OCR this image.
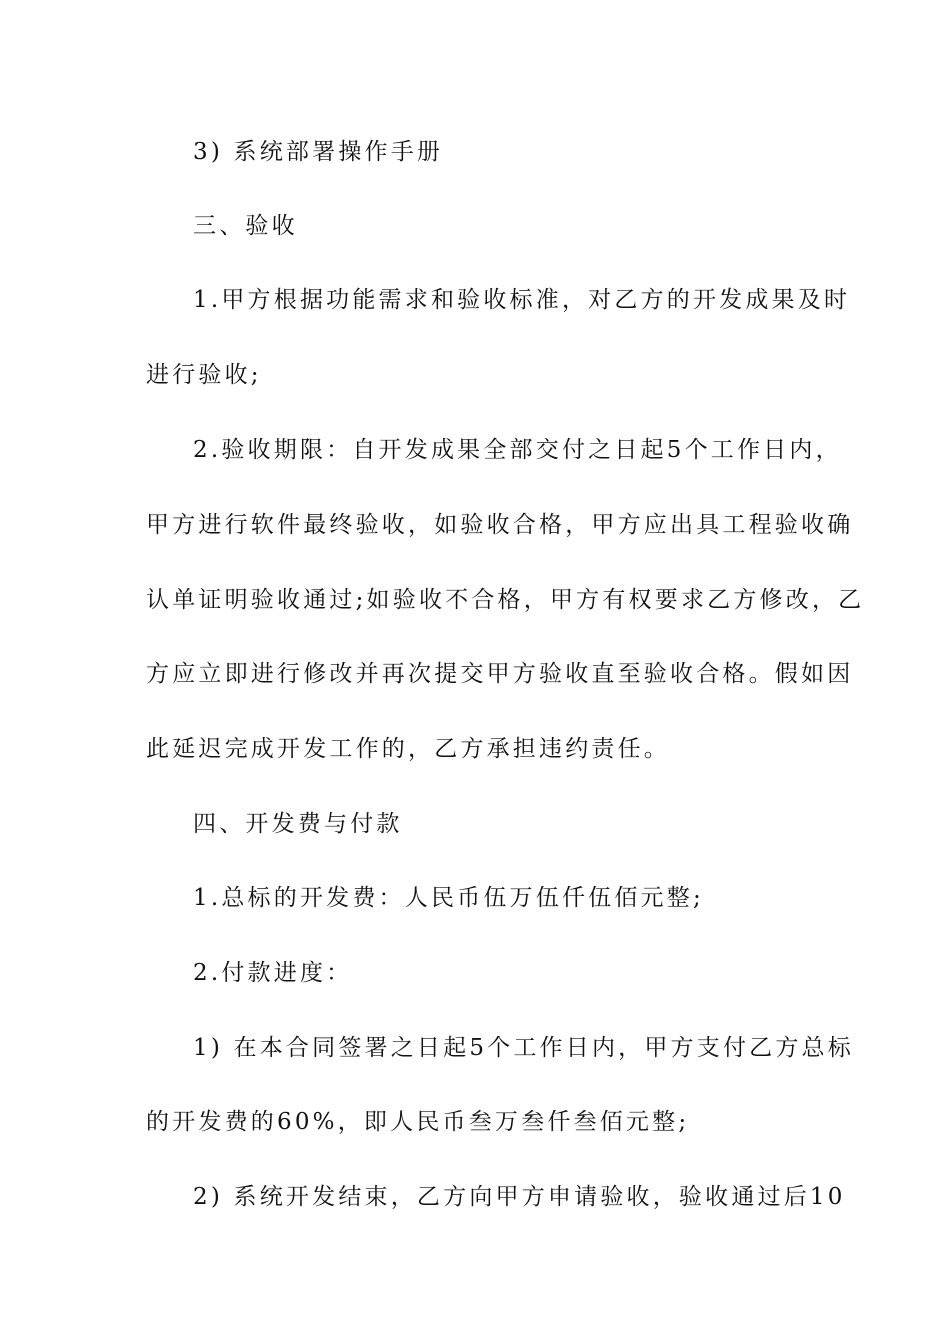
3) 系统部署操作手册
三、验收
1.甲方根据功能需求和验收标准，对乙方的开发成果及时
进行验收;
2.验收期限：自开发成果全部交付之日起5个工作日内，
甲方进行软件最终验收，如验收合格，甲方应出具工程验收确
认单证明验收通过;如验收不合格，甲方有权要求乙方修改，乙
方应立即进行修改并再次提交甲方验收直至验收合格。假如因
此延迟完成开发工作的，乙方承担违约责任。
四、开发费与付款
1.总标的开发费：人民币伍万伍仟伍佰元整;
2.付款进度：
1) 在本合同签署之日起5个工作日内，甲方支付乙方总标
的开发费的60%，即人民币叁万叁仟叁佰元整;
2) 系统开发结束，乙方向甲方申请验收，验收通过后10
